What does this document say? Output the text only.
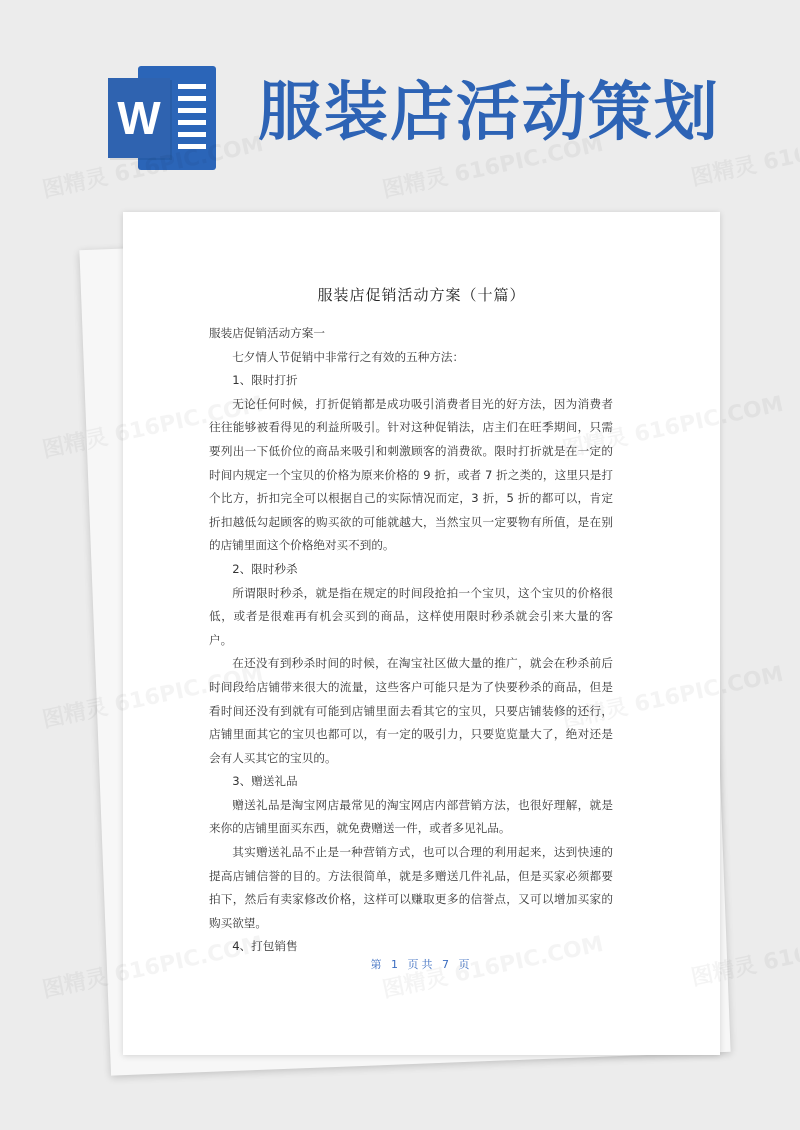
W 服装店活动策划
服装店促销活动方案（十篇）

服装店促销活动方案一

七夕情人节促销中非常行之有效的五种方法：

1、限时打折

无论任何时候，打折促销都是成功吸引消费者目光的好方法，因为消费者往往能够被看得见的利益所吸引。针对这种促销法，店主们在旺季期间，只需要列出一下低价位的商品来吸引和刺激顾客的消费欲。限时打折就是在一定的时间内规定一个宝贝的价格为原来价格的 9 折，或者 7 折之类的，这里只是打个比方，折扣完全可以根据自己的实际情况而定，3 折，5 折的都可以，肯定折扣越低勾起顾客的购买欲的可能就越大，当然宝贝一定要物有所值，是在别的店铺里面这个价格绝对买不到的。

2、限时秒杀

所谓限时秒杀，就是指在规定的时间段抢拍一个宝贝，这个宝贝的价格很低，或者是很难再有机会买到的商品，这样使用限时秒杀就会引来大量的客户。

在还没有到秒杀时间的时候，在淘宝社区做大量的推广，就会在秒杀前后时间段给店铺带来很大的流量，这些客户可能只是为了快要秒杀的商品，但是看时间还没有到就有可能到店铺里面去看其它的宝贝，只要店铺装修的还行，店铺里面其它的宝贝也都可以，有一定的吸引力，只要览览量大了，绝对还是会有人买其它的宝贝的。

3、赠送礼品

赠送礼品是淘宝网店最常见的淘宝网店内部营销方法，也很好理解，就是来你的店铺里面买东西，就免费赠送一件，或者多见礼品。

其实赠送礼品不止是一种营销方式，也可以合理的利用起来，达到快速的提高店铺信誉的目的。方法很简单，就是多赠送几件礼品，但是买家必须都要拍下，然后有卖家修改价格，这样可以赚取更多的信誉点，又可以增加买家的购买欲望。

4、打包销售

第 1 页共 7 页
